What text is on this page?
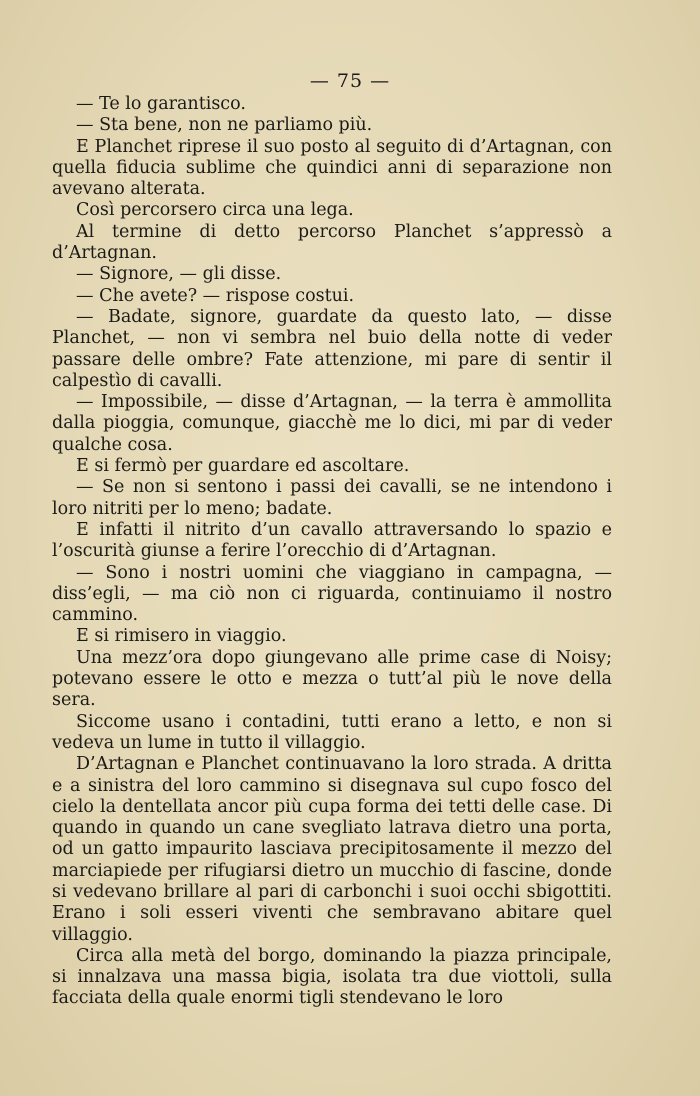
— 75 —

— Te lo garantisco.

— Sta bene, non ne parliamo più.

E Planchet riprese il suo posto al seguito di d’Artagnan, con quella fiducia sublime che quindici anni di separazione non avevano alterata.

Così percorsero circa una lega.

Al termine di detto percorso Planchet s’appressò a d’Artagnan.

— Signore, — gli disse.

— Che avete? — rispose costui.

— Badate, signore, guardate da questo lato, — disse Planchet, — non vi sembra nel buio della notte di veder passare delle ombre? Fate attenzione, mi pare di sentir il calpestìo di cavalli.

— Impossibile, — disse d’Artagnan, — la terra è ammollita dalla pioggia, comunque, giacchè me lo dici, mi par di veder qualche cosa.

E si fermò per guardare ed ascoltare.

— Se non si sentono i passi dei cavalli, se ne intendono i loro nitriti per lo meno; badate.

E infatti il nitrito d’un cavallo attraversando lo spazio e l’oscurità giunse a ferire l’orecchio di d’Artagnan.

— Sono i nostri uomini che viaggiano in campagna, — diss’egli, — ma ciò non ci riguarda, continuiamo il nostro cammino.

E si rimisero in viaggio.

Una mezz’ora dopo giungevano alle prime case di Noisy; potevano essere le otto e mezza o tutt’al più le nove della sera.

Siccome usano i contadini, tutti erano a letto, e non si vedeva un lume in tutto il villaggio.

D’Artagnan e Planchet continuavano la loro strada. A dritta e a sinistra del loro cammino si disegnava sul cupo fosco del cielo la dentellata ancor più cupa forma dei tetti delle case. Di quando in quando un cane svegliato latrava dietro una porta, od un gatto impaurito lasciava precipitosamente il mezzo del marciapiede per rifugiarsi dietro un mucchio di fascine, donde si vedevano brillare al pari di carbonchi i suoi occhi sbigottiti. Erano i soli esseri viventi che sembravano abitare quel villaggio.

Circa alla metà del borgo, dominando la piazza principale, si innalzava una massa bigia, isolata tra due viottoli, sulla facciata della quale enormi tigli stendevano le loro
